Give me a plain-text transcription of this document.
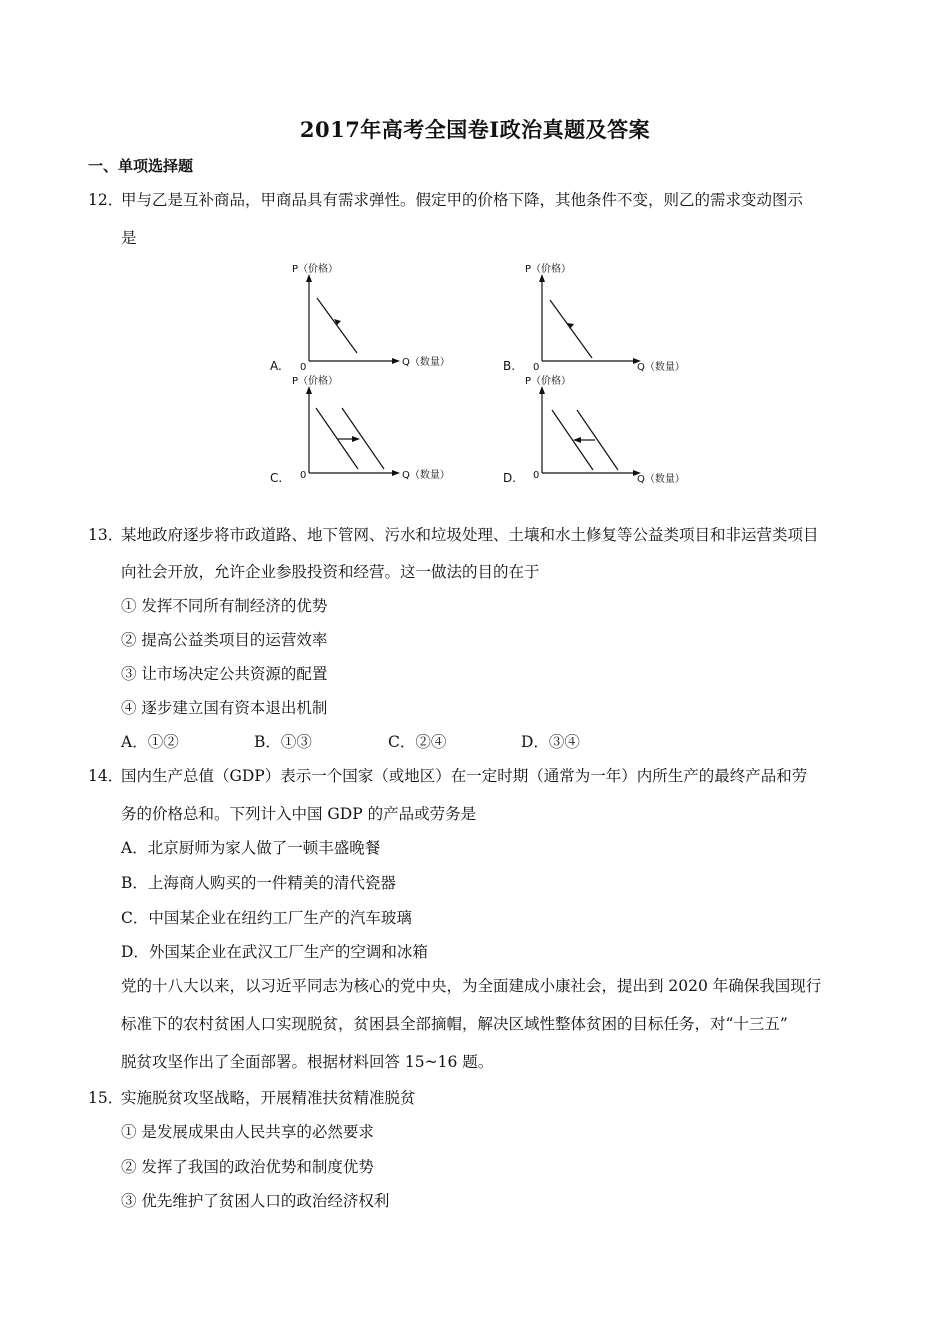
2017年高考全国卷Ⅰ政治真题及答案
一、单项选择题
12．
甲与乙是互补商品，甲商品具有需求弹性。假定甲的价格下降，其他条件不变，则乙的需求变动图示
是
P（价格）
0	Q（数量）
A.
P（价格）
0	Q（数量）
B.
P（价格）
0	Q（数量）
C.
P（价格）
0	Q（数量）
D.
13．
某地政府逐步将市政道路、地下管网、污水和垃圾处理、土壤和水土修复等公益类项目和非运营类项目
向社会开放，允许企业参股投资和经营。这一做法的目的在于
① 发挥不同所有制经济的优势
② 提高公益类项目的运营效率
③ 让市场决定公共资源的配置
④ 逐步建立国有资本退出机制
A．①②	B．①③	C．②④	D．③④
14．
国内生产总值（GDP）表示一个国家（或地区）在一定时期（通常为一年）内所生产的最终产品和劳
务的价格总和。下列计入中国 GDP 的产品或劳务是
A．北京厨师为家人做了一顿丰盛晚餐
B．上海商人购买的一件精美的清代瓷器
C．中国某企业在纽约工厂生产的汽车玻璃
D．外国某企业在武汉工厂生产的空调和冰箱
党的十八大以来，以习近平同志为核心的党中央，为全面建成小康社会，提出到 2020 年确保我国现行
标准下的农村贫困人口实现脱贫，贫困县全部摘帽，解决区域性整体贫困的目标任务，对“十三五”
脱贫攻坚作出了全面部署。根据材料回答 15~16 题。
15．
实施脱贫攻坚战略，开展精准扶贫精准脱贫
① 是发展成果由人民共享的必然要求
② 发挥了我国的政治优势和制度优势
③ 优先维护了贫困人口的政治经济权利
